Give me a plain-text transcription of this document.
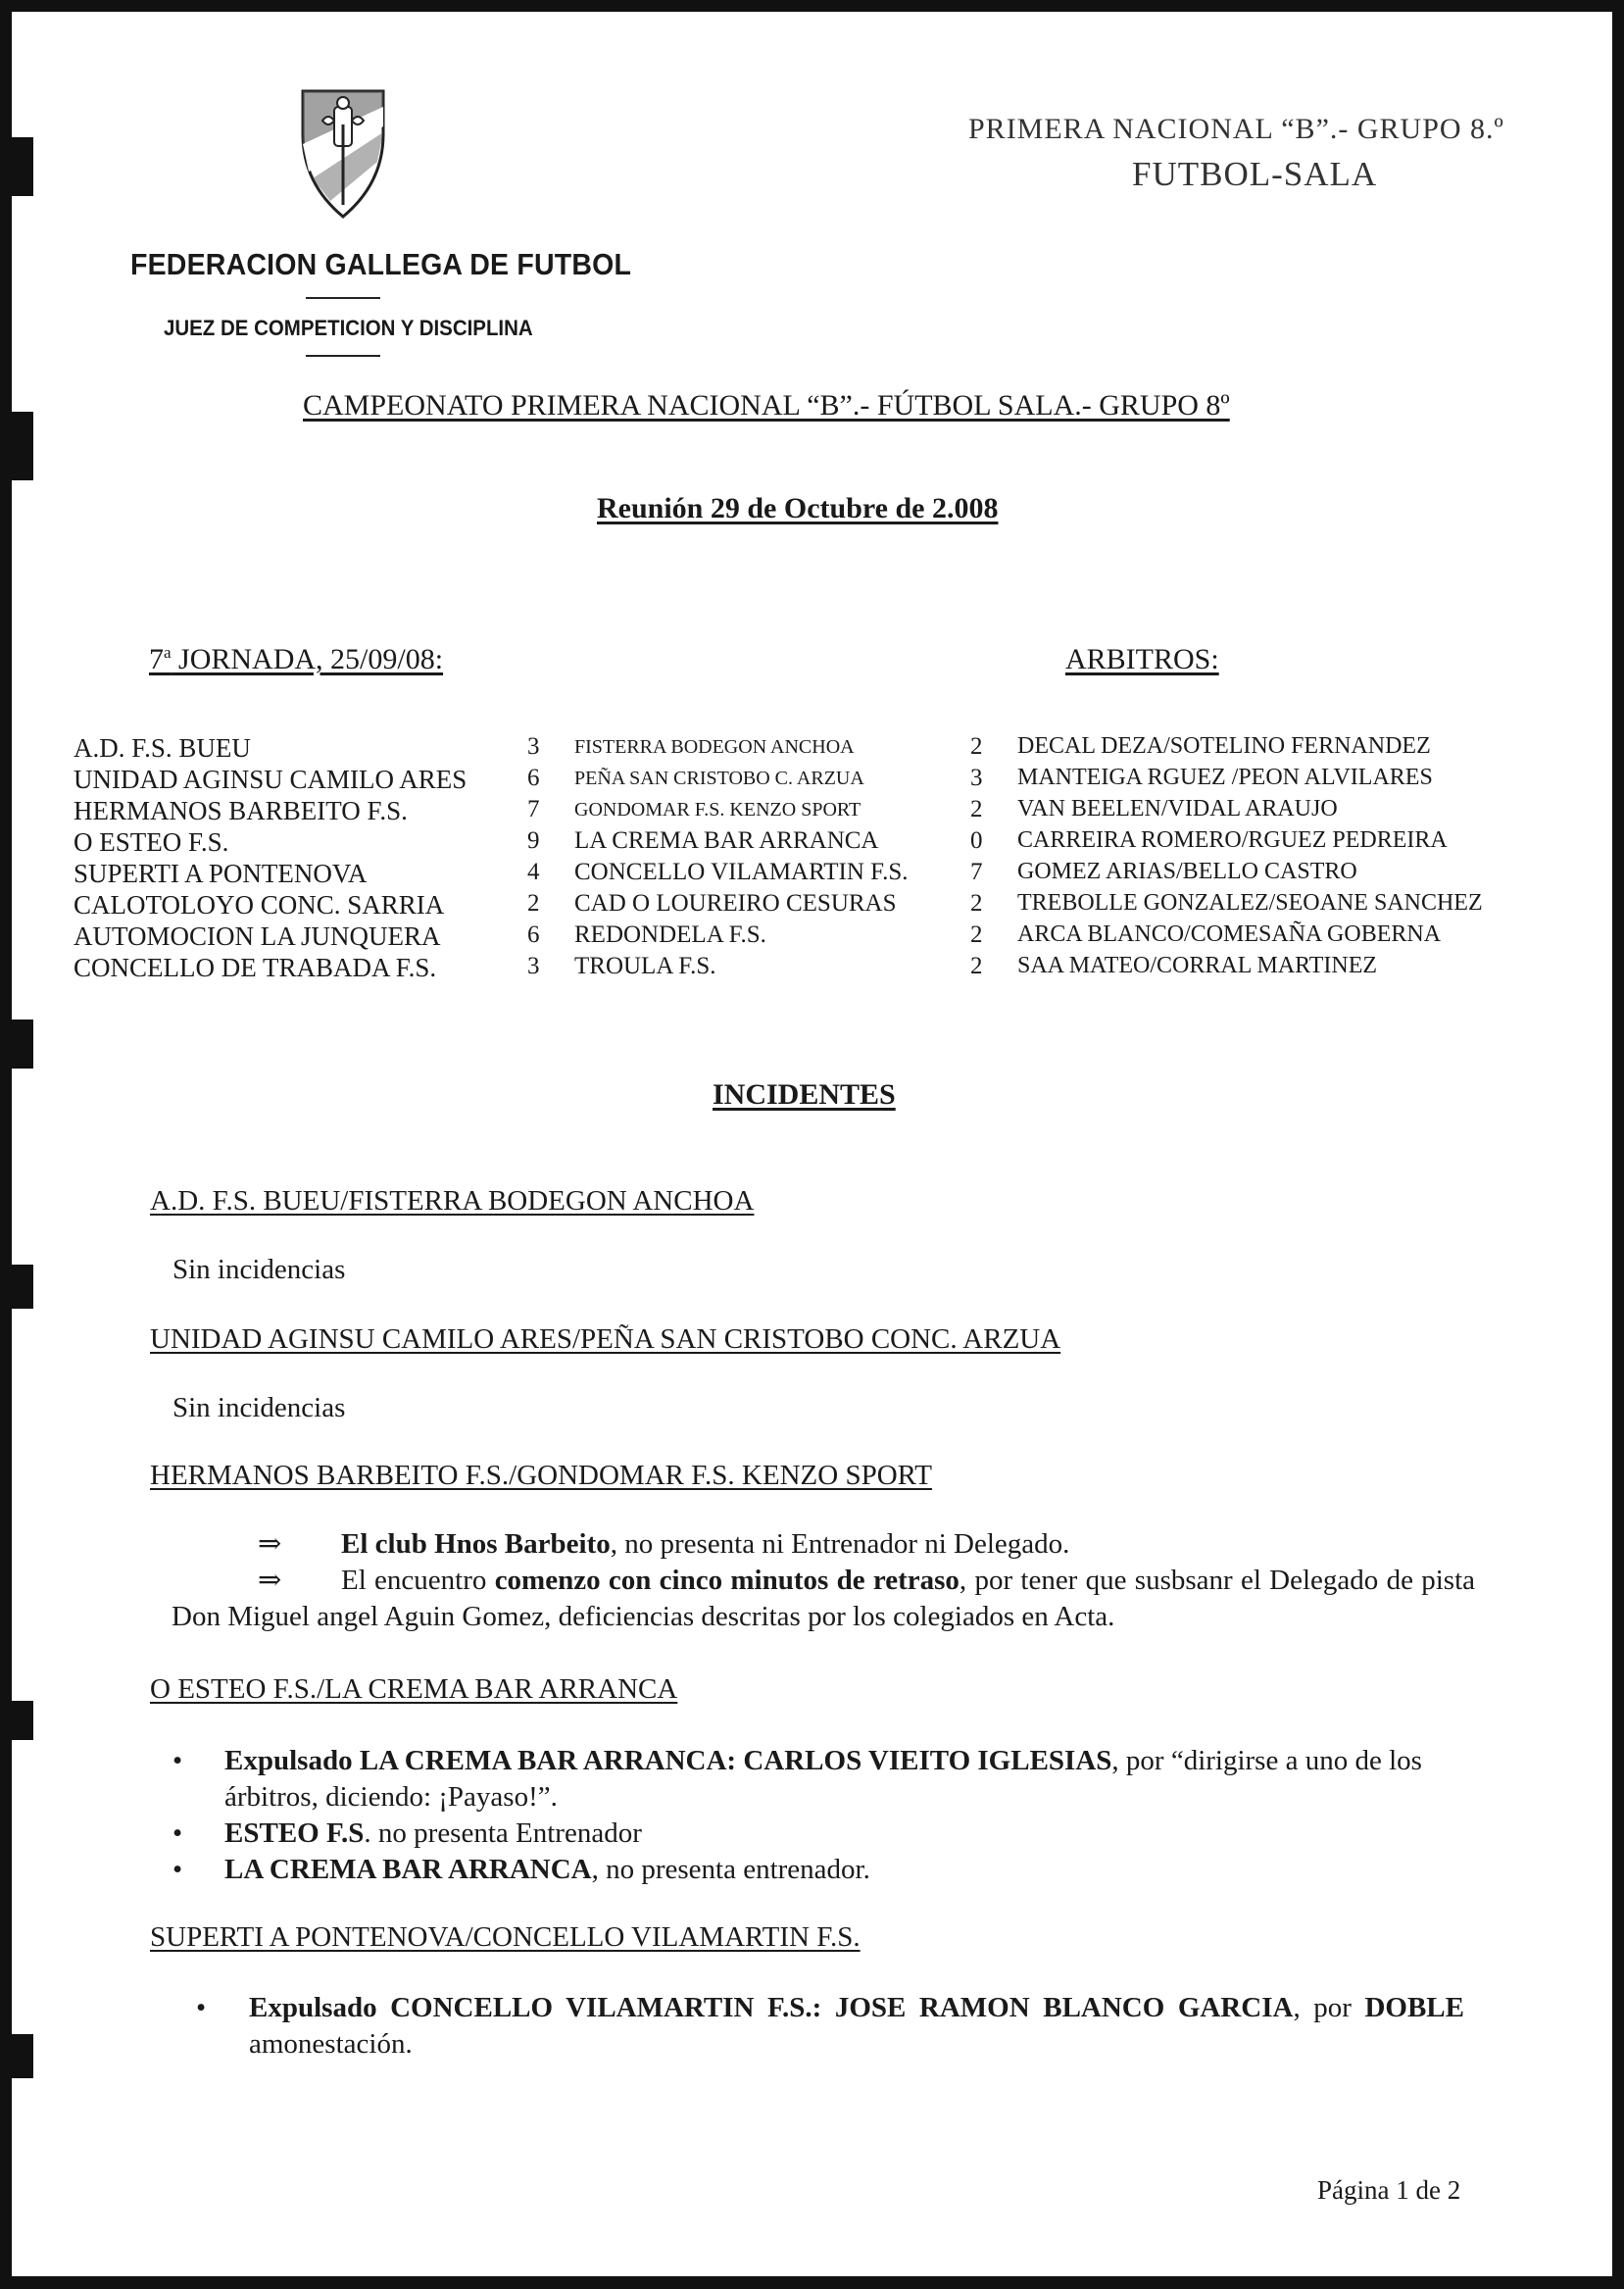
FEDERACION GALLEGA DE FUTBOL
JUEZ DE COMPETICION Y DISCIPLINA
PRIMERA NACIONAL “B”.- GRUPO 8.º
FUTBOL-SALA
CAMPEONATO PRIMERA NACIONAL “B”.- FÚTBOL SALA.- GRUPO 8º
Reunión 29 de Octubre de 2.008
7$^a$ JORNADA, 25/09/08:	ARBITROS:
A.D. F.S. BUEU	3 FISTERRA BODEGON ANCHOA	2 DECAL DEZA/SOTELINO FERNANDEZ
UNIDAD AGINSU CAMILO ARES 6 PEÑA SAN CRISTOBO C. ARZUA	3 MANTEIGA RGUEZ /PEON ALVILARES
HERMANOS BARBEITO F.S.	7 GONDOMAR F.S. KENZO SPORT	2 VAN BEELEN/VIDAL ARAUJO
O ESTEO F.S.	9 LA CREMA BAR ARRANCA	0 CARREIRA ROMERO/RGUEZ PEDREIRA
SUPERTI A PONTENOVA	4 CONCELLO VILAMARTIN F.S.	7 GOMEZ ARIAS/BELLO CASTRO
CALOTOLOYO CONC. SARRIA	2 CAD O LOUREIRO CESURAS	2 TREBOLLE GONZALEZ/SEOANE SANCHEZ
AUTOMOCION LA JUNQUERA	6 REDONDELA F.S.	2 ARCA BLANCO/COMESAÑA GOBERNA
CONCELLO DE TRABADA F.S.	3 TROULA F.S.	2 SAA MATEO/CORRAL MARTINEZ
INCIDENTES
A.D. F.S. BUEU/FISTERRA BODEGON ANCHOA
Sin incidencias
UNIDAD AGINSU CAMILO ARES/PEÑA SAN CRISTOBO CONC. ARZUA
Sin incidencias
HERMANOS BARBEITO F.S./GONDOMAR F.S. KENZO SPORT
⇒ El club Hnos Barbeito, no presenta ni Entrenador ni Delegado.
⇒ El encuentro comenzo con cinco minutos de retraso, por tener que susbsanr el Delegado de pista Don Miguel angel Aguin Gomez, deficiencias descritas por los colegiados en Acta.
O ESTEO F.S./LA CREMA BAR ARRANCA
• Expulsado LA CREMA BAR ARRANCA: CARLOS VIEITO IGLESIAS, por “dirigirse a uno de los árbitros, diciendo: ¡Payaso!”.
• ESTEO F.S. no presenta Entrenador
• LA CREMA BAR ARRANCA, no presenta entrenador.
SUPERTI A PONTENOVA/CONCELLO VILAMARTIN F.S.
• Expulsado CONCELLO VILAMARTIN F.S.: JOSE RAMON BLANCO GARCIA, por DOBLE amonestación.
Página 1 de 2
